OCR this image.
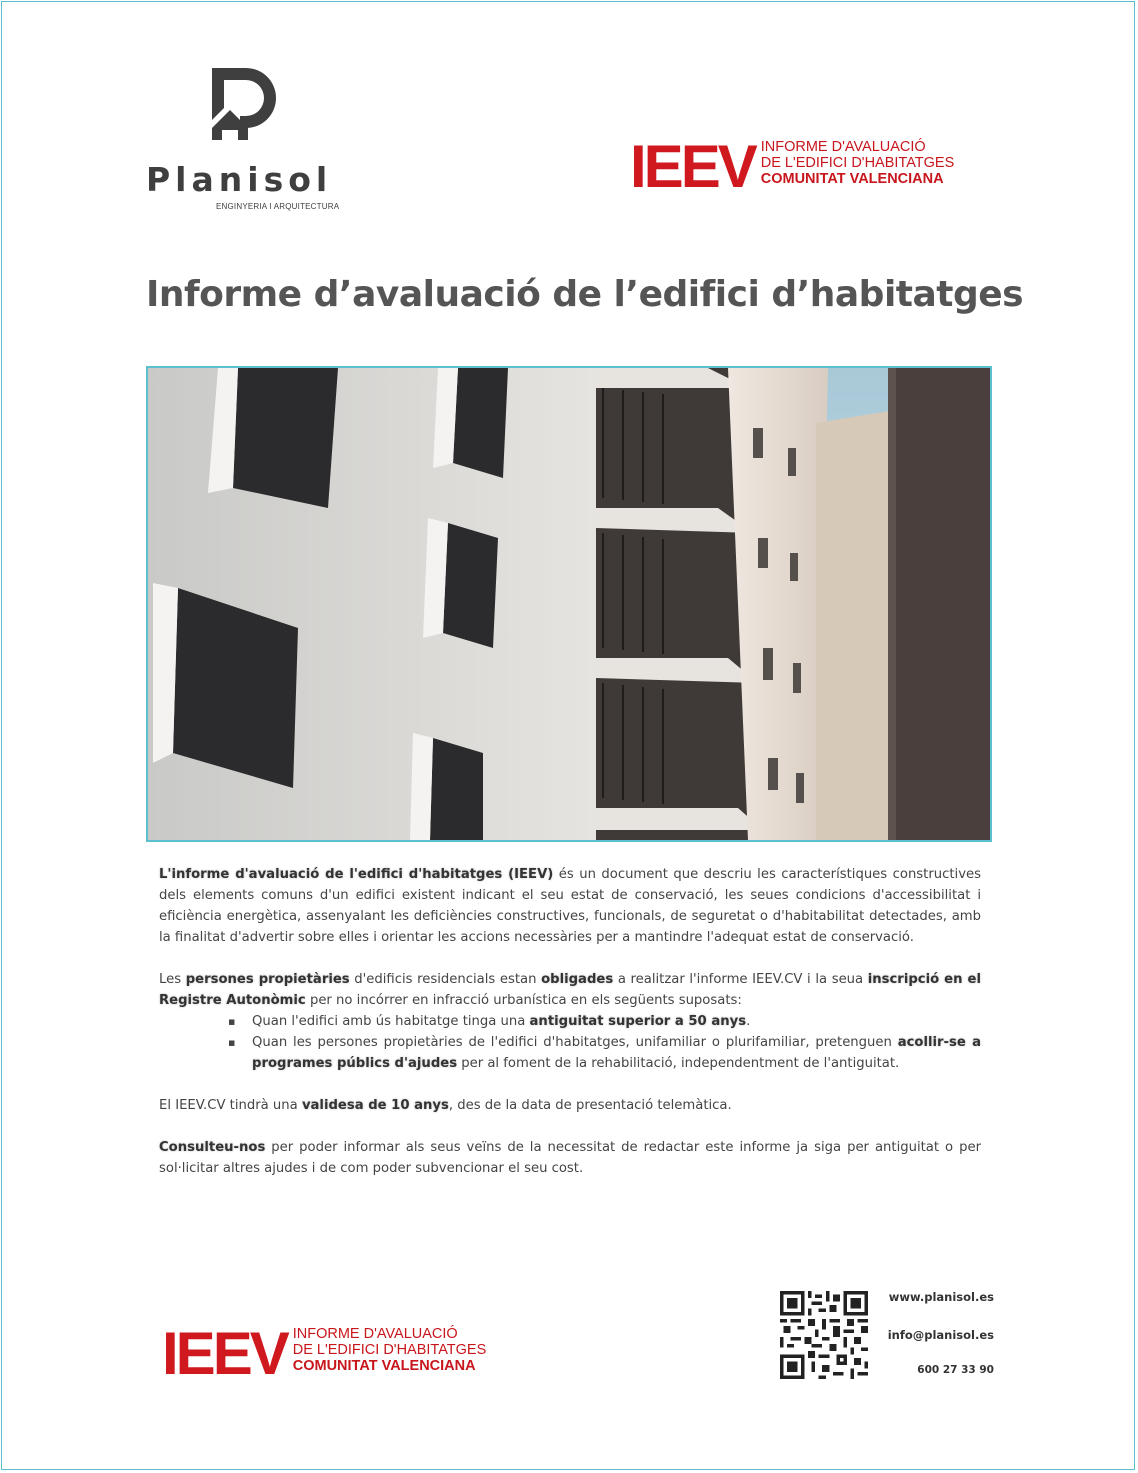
Planisol
ENGINYERIA I ARQUITECTURA
IEEV INFORME D'AVALUACIÓ
DE L'EDIFICI D'HABITATGES
COMUNITAT VALENCIANA
Informe d’avaluació de l’edifici d’habitatges

L'informe d'avaluació de l'edifici d'habitatges (IEEV) és un document que descriu les característiques constructives dels elements comuns d'un edifici existent indicant el seu estat de conservació, les seues condicions d'accessibilitat i eficiència energètica, assenyalant les deficiències constructives, funcionals, de seguretat o d'habitabilitat detectades, amb la finalitat d'advertir sobre elles i orientar les accions necessàries per a mantindre l'adequat estat de conservació.

Les persones propietàries d'edificis residencials estan obligades a realitzar l'informe IEEV.CV i la seua inscripció en el Registre Autonòmic per no incórrer en infracció urbanística en els següents suposats:

▪ Quan l'edifici amb ús habitatge tinga una antiguitat superior a 50 anys.
▪ Quan les persones propietàries de l'edifici d'habitatges, unifamiliar o plurifamiliar, pretenguen acollir-se a programes públics d'ajudes per al foment de la rehabilitació, independentment de l'antiguitat.

El IEEV.CV tindrà una validesa de 10 anys, des de la data de presentació telemàtica.

Consulteu-nos per poder informar als seus veïns de la necessitat de redactar este informe ja siga per antiguitat o per sol·licitar altres ajudes i de com poder subvencionar el seu cost.

IEEV INFORME D'AVALUACIÓ
DE L'EDIFICI D'HABITATGES
COMUNITAT VALENCIANA
www.planisol.es
info@planisol.es
600 27 33 90
